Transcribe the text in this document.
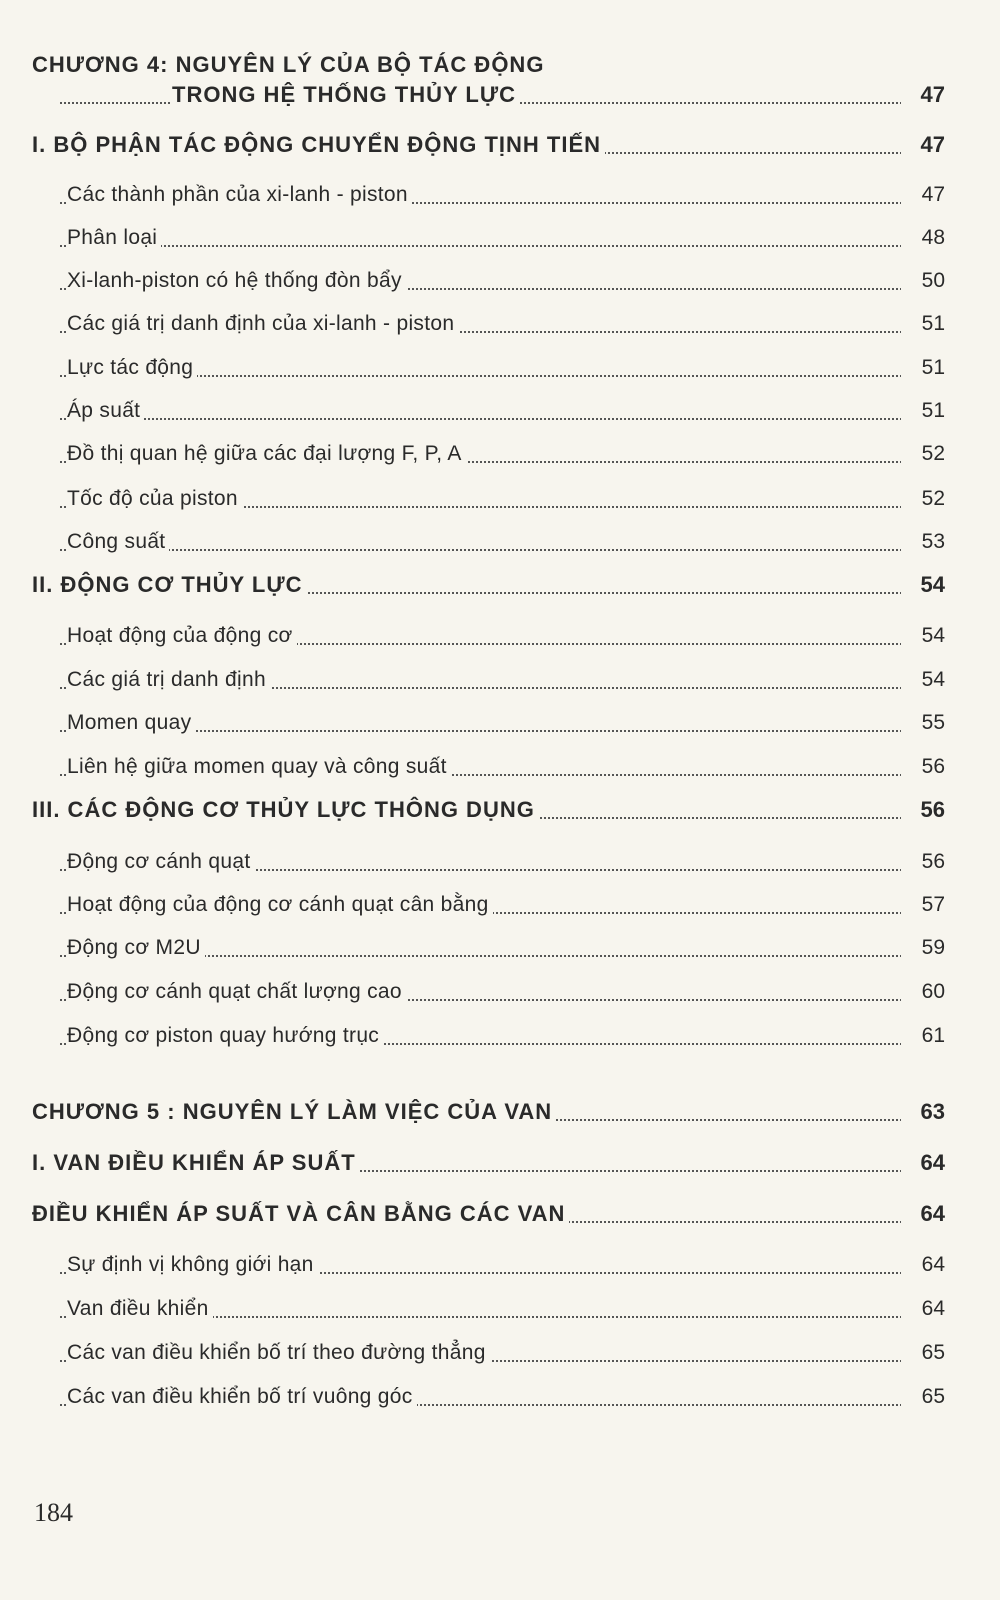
CHƯƠNG 4: NGUYÊN LÝ CỦA BỘ TÁC ĐỘNG
TRONG HỆ THỐNG THỦY LỰC	47
I. BỘ PHẬN TÁC ĐỘNG CHUYỂN ĐỘNG TỊNH TIẾN	47
Các thành phần của xi-lanh - piston	47
Phân loại	48
Xi-lanh-piston có hệ thống đòn bẩy	50
Các giá trị danh định của xi-lanh - piston	51
Lực tác động	51
Áp suất	51
Đồ thị quan hệ giữa các đại lượng F, P, A	52
Tốc độ của piston	52
Công suất	53
II. ĐỘNG CƠ THỦY LỰC	54
Hoạt động của động cơ	54
Các giá trị danh định	54
Momen quay	55
Liên hệ giữa momen quay và công suất	56
III. CÁC ĐỘNG CƠ THỦY LỰC THÔNG DỤNG	56
Động cơ cánh quạt	56
Hoạt động của động cơ cánh quạt cân bằng	57
Động cơ M2U	59
Động cơ cánh quạt chất lượng cao	60
Động cơ piston quay hướng trục	61
CHƯƠNG 5 : NGUYÊN LÝ LÀM VIỆC CỦA VAN	63
I. VAN ĐIỀU KHIỂN ÁP SUẤT	64
ĐIỀU KHIỂN ÁP SUẤT VÀ CÂN BẰNG CÁC VAN	64
Sự định vị không giới hạn	64
Van điều khiển	64
Các van điều khiển bố trí theo đường thẳng	65
Các van điều khiển bố trí vuông góc	65
184
